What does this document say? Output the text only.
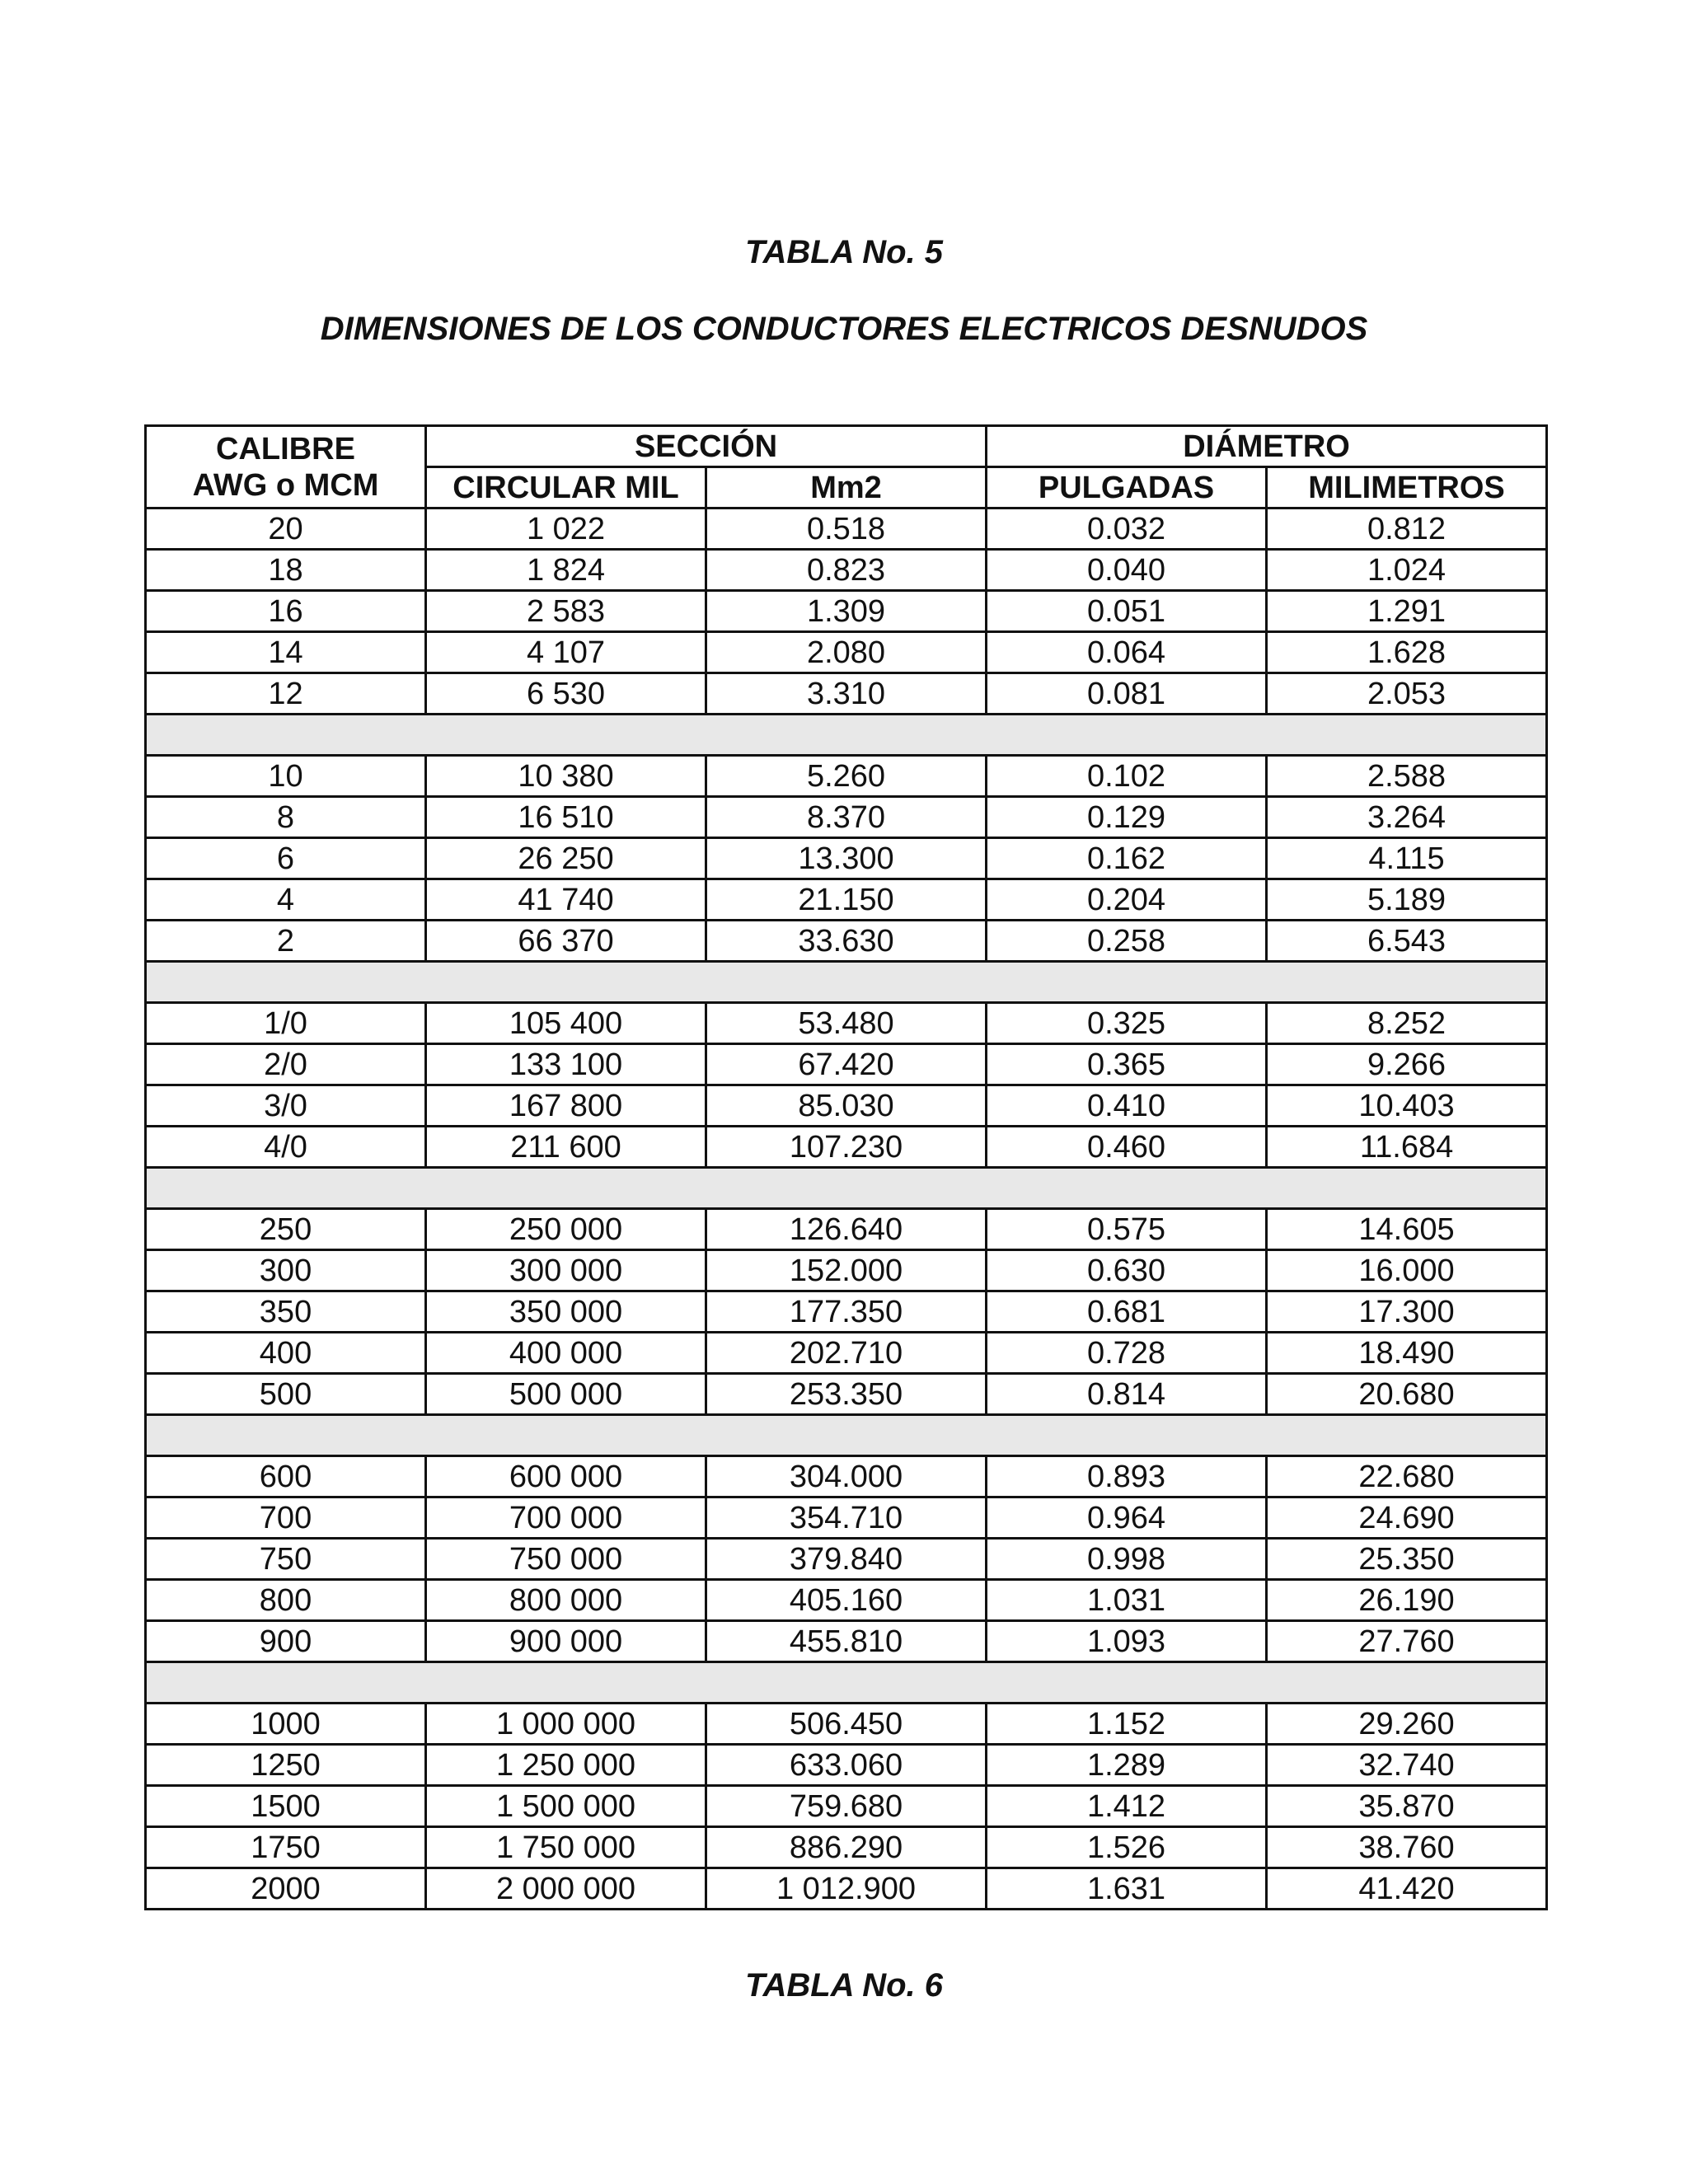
TABLA No. 5
DIMENSIONES DE LOS CONDUCTORES ELECTRICOS DESNUDOS
CALIBRE
AWG o MCM	SECCIÓN		DIÁMETRO	
	CIRCULAR MIL	Mm2	PULGADAS	MILIMETROS
20	1 022	0.518	0.032	0.812
18	1 824	0.823	0.040	1.024
16	2 583	1.309	0.051	1.291
14	4 107	2.080	0.064	1.628
12	6 530	3.310	0.081	2.053

10	10 380	5.260	0.102	2.588
8	16 510	8.370	0.129	3.264
6	26 250	13.300	0.162	4.115
4	41 740	21.150	0.204	5.189
2	66 370	33.630	0.258	6.543

1/0	105 400	53.480	0.325	8.252
2/0	133 100	67.420	0.365	9.266
3/0	167 800	85.030	0.410	10.403
4/0	211 600	107.230	0.460	11.684

250	250 000	126.640	0.575	14.605
300	300 000	152.000	0.630	16.000
350	350 000	177.350	0.681	17.300
400	400 000	202.710	0.728	18.490
500	500 000	253.350	0.814	20.680

600	600 000	304.000	0.893	22.680
700	700 000	354.710	0.964	24.690
750	750 000	379.840	0.998	25.350
800	800 000	405.160	1.031	26.190
900	900 000	455.810	1.093	27.760

1000	1 000 000	506.450	1.152	29.260
1250	1 250 000	633.060	1.289	32.740
1500	1 500 000	759.680	1.412	35.870
1750	1 750 000	886.290	1.526	38.760
2000	2 000 000	1 012.900	1.631	41.420
TABLA No. 6
